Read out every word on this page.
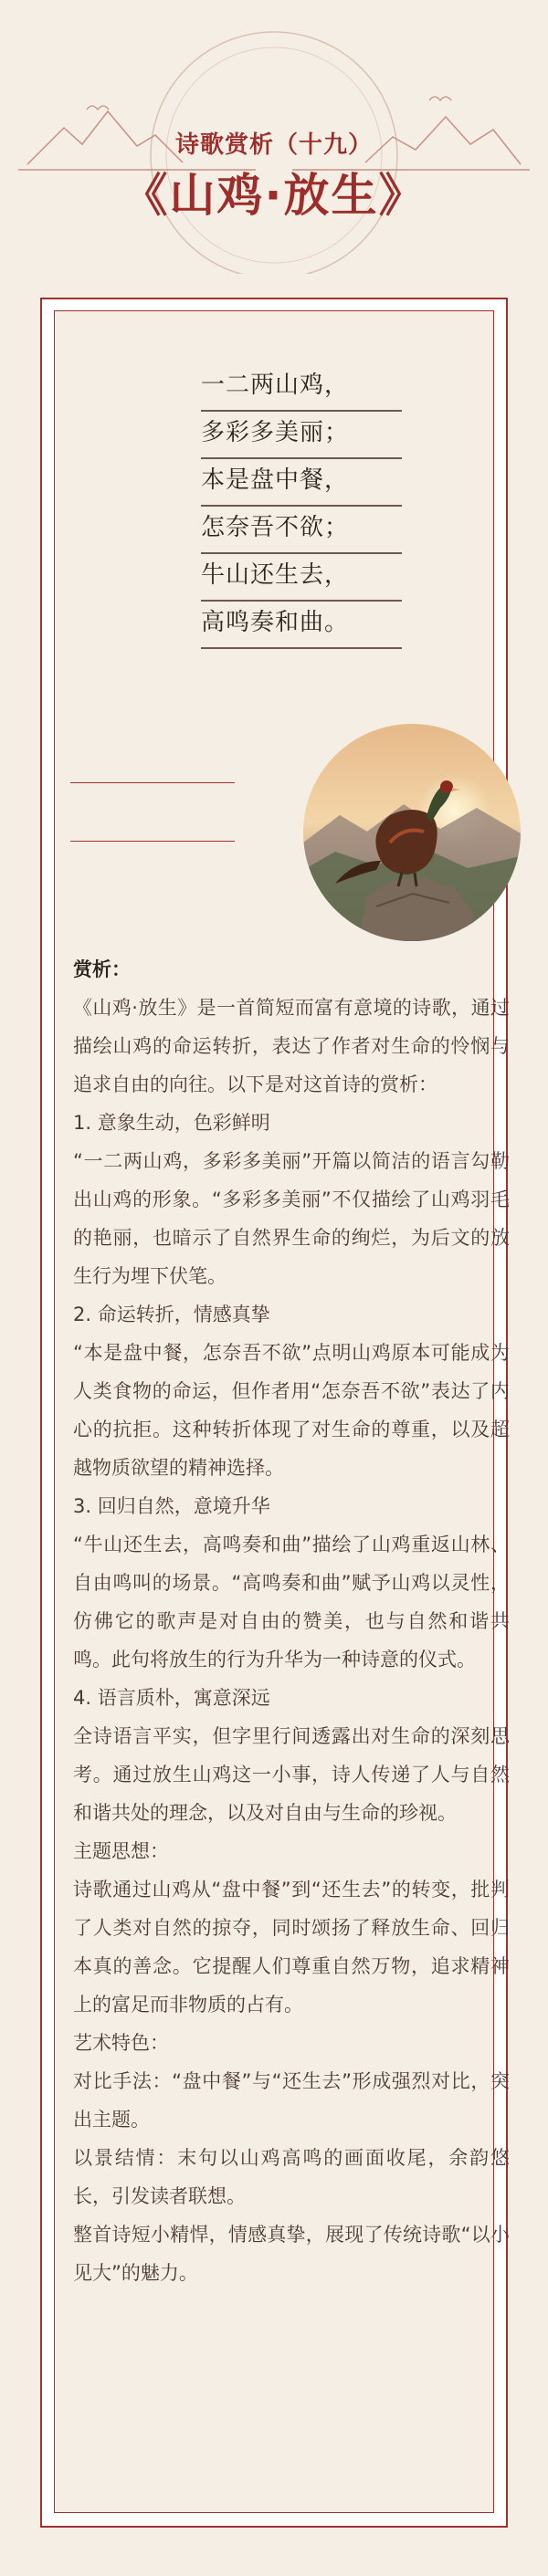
诗歌赏析（十九）
《山鸡·放生》
一二两山鸡，
多彩多美丽；
本是盘中餐，
怎奈吾不欲；
牛山还生去，
高鸣奏和曲。

赏析：

《山鸡·放生》是一首简短而富有意境的诗歌，通过描绘山鸡的命运转折，表达了作者对生命的怜悯与追求自由的向往。以下是对这首诗的赏析：

1. 意象生动，色彩鲜明

“一二两山鸡，多彩多美丽”开篇以简洁的语言勾勒出山鸡的形象。“多彩多美丽”不仅描绘了山鸡羽毛的艳丽，也暗示了自然界生命的绚烂，为后文的放生行为埋下伏笔。

2. 命运转折，情感真挚

“本是盘中餐，怎奈吾不欲”点明山鸡原本可能成为人类食物的命运，但作者用“怎奈吾不欲”表达了内心的抗拒。这种转折体现了对生命的尊重，以及超越物质欲望的精神选择。

3. 回归自然，意境升华

“牛山还生去，高鸣奏和曲”描绘了山鸡重返山林、自由鸣叫的场景。“高鸣奏和曲”赋予山鸡以灵性，仿佛它的歌声是对自由的赞美，也与自然和谐共鸣。此句将放生的行为升华为一种诗意的仪式。

4. 语言质朴，寓意深远

全诗语言平实，但字里行间透露出对生命的深刻思考。通过放生山鸡这一小事，诗人传递了人与自然和谐共处的理念，以及对自由与生命的珍视。

主题思想：

诗歌通过山鸡从“盘中餐”到“还生去”的转变，批判了人类对自然的掠夺，同时颂扬了释放生命、回归本真的善念。它提醒人们尊重自然万物，追求精神上的富足而非物质的占有。

艺术特色：

对比手法：“盘中餐”与“还生去”形成强烈对比，突出主题。

以景结情：末句以山鸡高鸣的画面收尾，余韵悠长，引发读者联想。

整首诗短小精悍，情感真挚，展现了传统诗歌“以小见大”的魅力。
